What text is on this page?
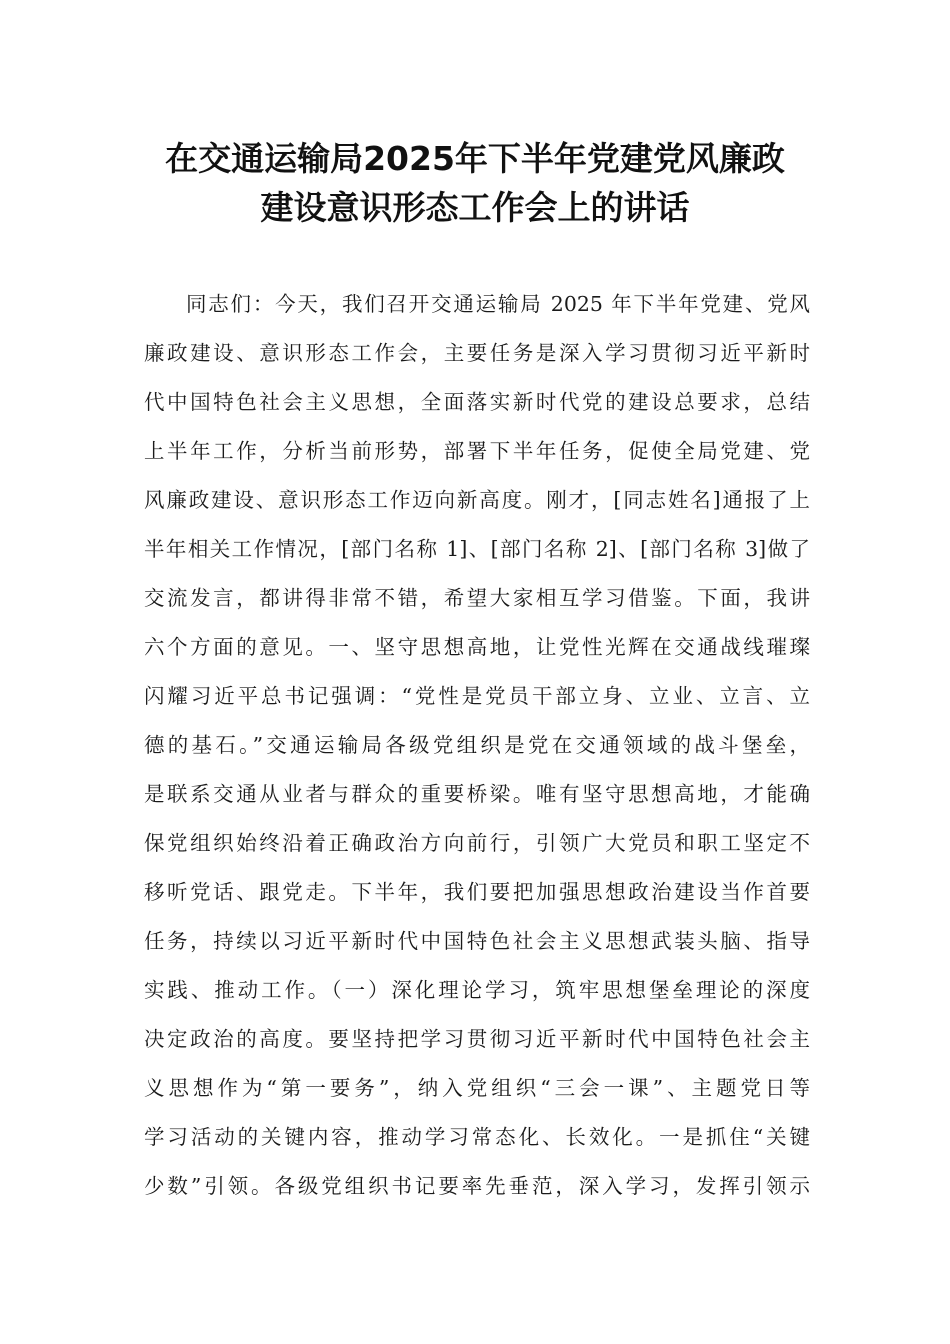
在交通运输局2025年下半年党建党风廉政
建设意识形态工作会上的讲话
同志们：今天，我们召开交通运输局 2025 年下半年党建、党风
廉政建设、意识形态工作会，主要任务是深入学习贯彻习近平新时
代中国特色社会主义思想，全面落实新时代党的建设总要求，总结
上半年工作，分析当前形势，部署下半年任务，促使全局党建、党
风廉政建设、意识形态工作迈向新高度。刚才，[同志姓名]通报了上
半年相关工作情况，[部门名称 1]、[部门名称 2]、[部门名称 3]做了
交流发言，都讲得非常不错，希望大家相互学习借鉴。下面，我讲
六个方面的意见。一、坚守思想高地，让党性光辉在交通战线璀璨
闪耀习近平总书记强调：“党性是党员干部立身、立业、立言、立
德的基石。”交通运输局各级党组织是党在交通领域的战斗堡垒，
是联系交通从业者与群众的重要桥梁。唯有坚守思想高地，才能确
保党组织始终沿着正确政治方向前行，引领广大党员和职工坚定不
移听党话、跟党走。下半年，我们要把加强思想政治建设当作首要
任务，持续以习近平新时代中国特色社会主义思想武装头脑、指导
实践、推动工作。（一）深化理论学习，筑牢思想堡垒理论的深度
决定政治的高度。要坚持把学习贯彻习近平新时代中国特色社会主
义思想作为“第一要务”，纳入党组织“三会一课”、主题党日等
学习活动的关键内容，推动学习常态化、长效化。一是抓住“关键
少数”引领。各级党组织书记要率先垂范，深入学习，发挥引领示
